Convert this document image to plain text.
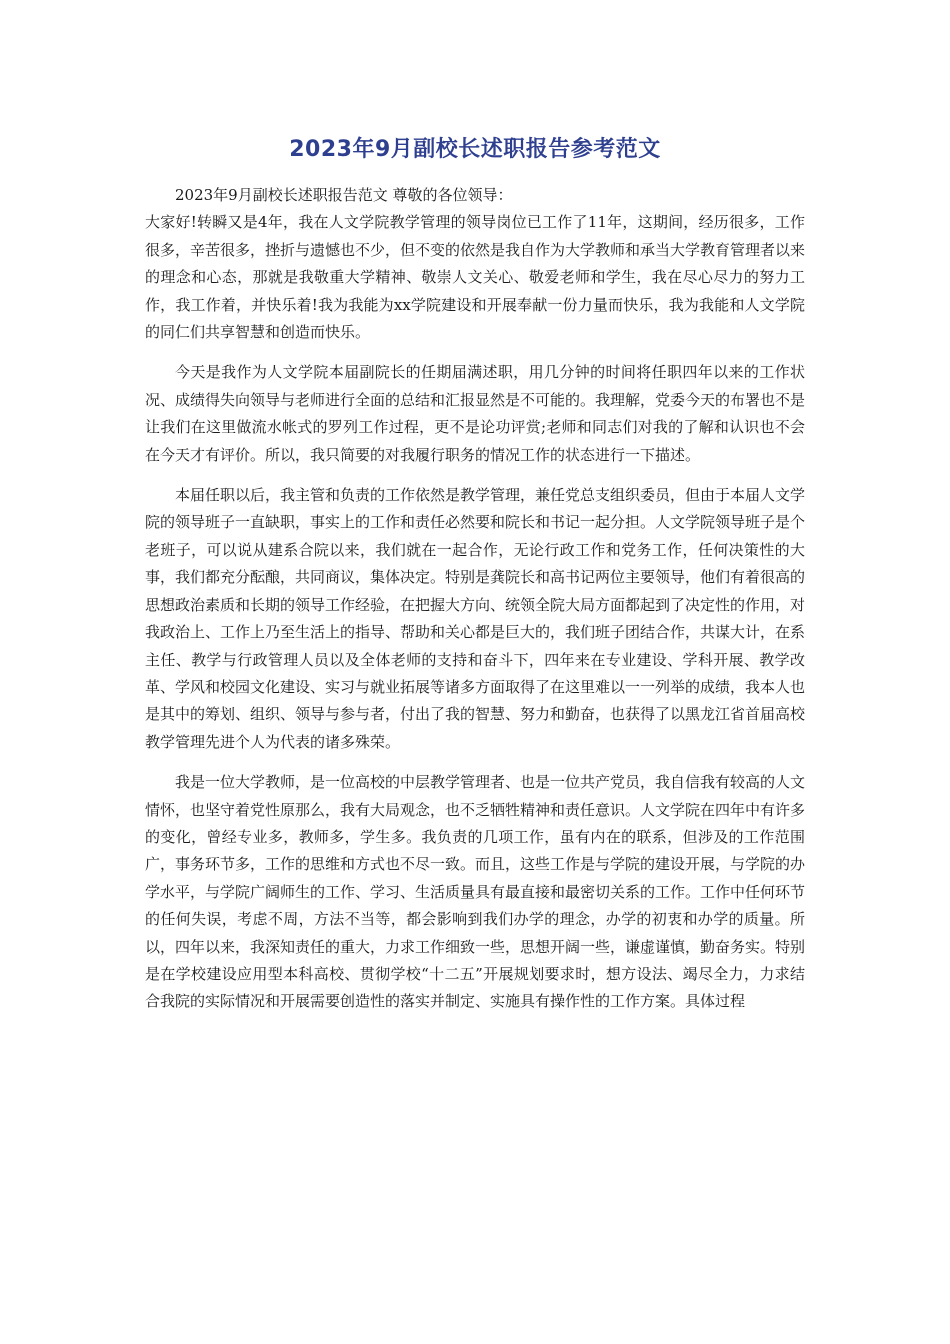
2023年9月副校长述职报告参考范文

2023年9月副校长述职报告范文 尊敬的各位领导：

大家好!转瞬又是4年，我在人文学院教学管理的领导岗位已工作了11年，这期间，经历很多，工作很多，辛苦很多，挫折与遗憾也不少，但不变的依然是我自作为大学教师和承当大学教育管理者以来的理念和心态，那就是我敬重大学精神、敬崇人文关心、敬爱老师和学生，我在尽心尽力的努力工作，我工作着，并快乐着!我为我能为xx学院建设和开展奉献一份力量而快乐，我为我能和人文学院的同仁们共享智慧和创造而快乐。

今天是我作为人文学院本届副院长的任期届满述职，用几分钟的时间将任职四年以来的工作状况、成绩得失向领导与老师进行全面的总结和汇报显然是不可能的。我理解，党委今天的布署也不是让我们在这里做流水帐式的罗列工作过程，更不是论功评赏;老师和同志们对我的了解和认识也不会在今天才有评价。所以，我只简要的对我履行职务的情况工作的状态进行一下描述。

本届任职以后，我主管和负责的工作依然是教学管理，兼任党总支组织委员，但由于本届人文学院的领导班子一直缺职，事实上的工作和责任必然要和院长和书记一起分担。人文学院领导班子是个老班子，可以说从建系合院以来，我们就在一起合作，无论行政工作和党务工作，任何决策性的大事，我们都充分酝酿，共同商议，集体决定。特别是龚院长和高书记两位主要领导，他们有着很高的思想政治素质和长期的领导工作经验，在把握大方向、统领全院大局方面都起到了决定性的作用，对我政治上、工作上乃至生活上的指导、帮助和关心都是巨大的，我们班子团结合作，共谋大计，在系主任、教学与行政管理人员以及全体老师的支持和奋斗下，四年来在专业建设、学科开展、教学改革、学风和校园文化建设、实习与就业拓展等诸多方面取得了在这里难以一一列举的成绩，我本人也是其中的筹划、组织、领导与参与者，付出了我的智慧、努力和勤奋，也获得了以黑龙江省首届高校教学管理先进个人为代表的诸多殊荣。

我是一位大学教师，是一位高校的中层教学管理者、也是一位共产党员，我自信我有较高的人文情怀，也坚守着党性原那么，我有大局观念，也不乏牺牲精神和责任意识。人文学院在四年中有许多的变化，曾经专业多，教师多，学生多。我负责的几项工作，虽有内在的联系，但涉及的工作范围广，事务环节多，工作的思维和方式也不尽一致。而且，这些工作是与学院的建设开展，与学院的办学水平，与学院广阔师生的工作、学习、生活质量具有最直接和最密切关系的工作。工作中任何环节的任何失误，考虑不周，方法不当等，都会影响到我们办学的理念，办学的初衷和办学的质量。所以，四年以来，我深知责任的重大，力求工作细致一些，思想开阔一些，谦虚谨慎，勤奋务实。特别是在学校建设应用型本科高校、贯彻学校“十二五”开展规划要求时，想方设法、竭尽全力，力求结合我院的实际情况和开展需要创造性的落实并制定、实施具有操作性的工作方案。具体过程
